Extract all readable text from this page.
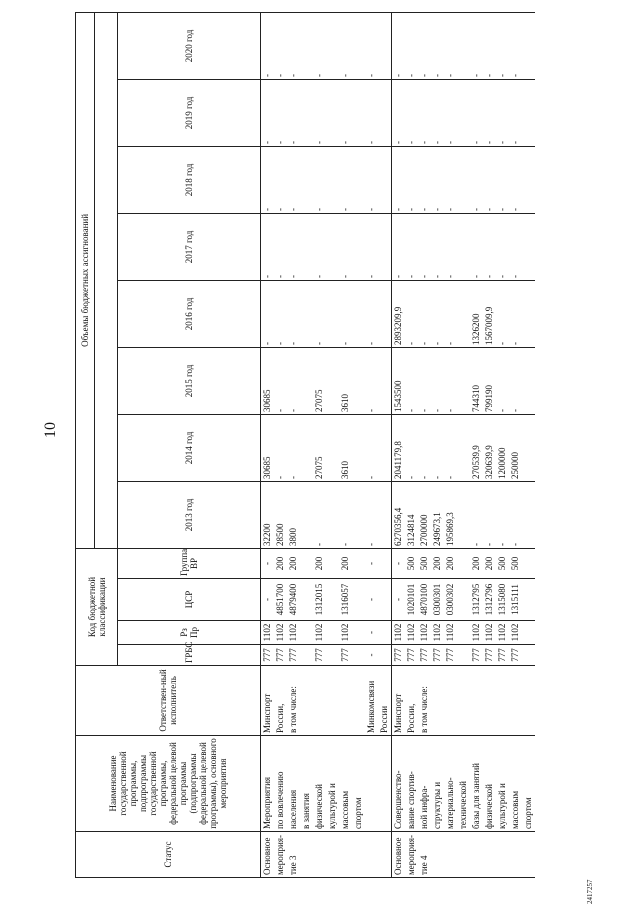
10
2417257
Статус	Наименование государственной программы, подпрограммы государственной программы, федеральной целевой программы (подпрограммы федеральной целевой программы), основного мероприятия	Ответствен-ный исполнитель	Код бюджетной классификации				Объемы бюджетных ассигнований							

			ГРБС	Рз Пр	ЦСР	Группа ВР	2013 год	2014 год	2015 год	2016 год	2017 год	2018 год	2019 год	2020 год
Основное	Мероприятия	Минспорт	777	1102	-	-	32200	30685	30685	-	-	-	-	-
мероприя-	по вовлечению	России,	777	1102	4851700	200	28500	-	-	-	-	-	-	-
тие 3	населения	в том числе:	777	1102	4879400	200	3800	-	-	-	-	-	-	-
	в занятия													
	физической		777	1102	1312015	200	-	27075	27075	-	-	-	-	-
	культурой и													
	массовым		777	1102	1316057	200	-	3610	3610	-	-	-	-	-
	спортом													
		Минкомсвязи	-	-	-	-	-	-	-	-	-	-	-	-
		России												
Основное	Совершенство-	Минспорт	777	1102	-	-	6270356,4	2041179,8	1543500	2893209,9	-	-	-	-
мероприя-	вание спортив-	России,	777	1102	1020101	500	3124814	-	-	-	-	-	-	-
тие 4	ной инфра-	в том числе:	777	1102	4870100	500	2700000	-	-	-	-	-	-	-
	структуры и		777	1102	0300301	200	249673,1	-	-	-	-	-	-	-
	материально-		777	1102	0300302	200	195869,3	-	-	-	-	-	-	-
	технической													
	базы для занятий		777	1102	1312795	200	-	270539,9	744310	1326200	-	-	-	-
	физической		777	1102	1312796	200	-	320639,9	799190	1567009,9	-	-	-	-
	культурой и		777	1102	1315080	500	-	1200000	-	-	-	-	-	-
	массовым		777	1102	1315111	500	-	250000	-	-	-	-	-	-
	спортом													
